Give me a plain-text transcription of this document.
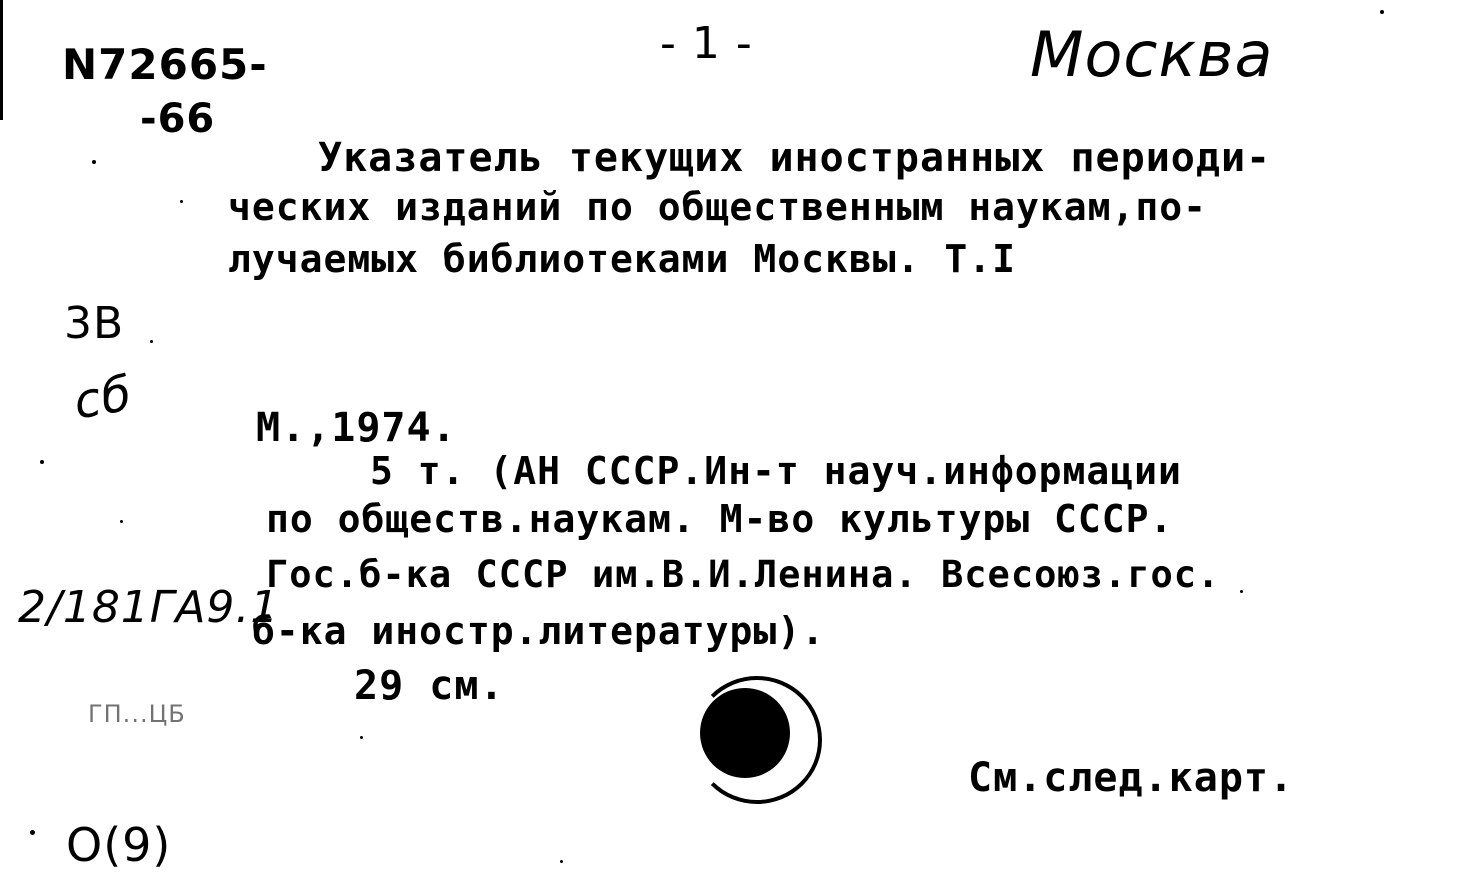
N72665-
-66
- 1 -	Москвa
3B
сб
2/181ГА9.1
О(9)
ГП...ЦБ
Указатель текущих иностранных периоди-
ческих изданий по общественным наукам,по-
лучаемых библиотеками Москвы. Т.I
М.,1974.
5 т. (АН СССР.Ин-т науч.информации
по обществ.наукам. М-во культуры СССР.
Гос.б-ка СССР им.В.И.Ленина. Всесоюз.гос.
б-ка иностр.литературы).
29 см.
См.след.карт.
